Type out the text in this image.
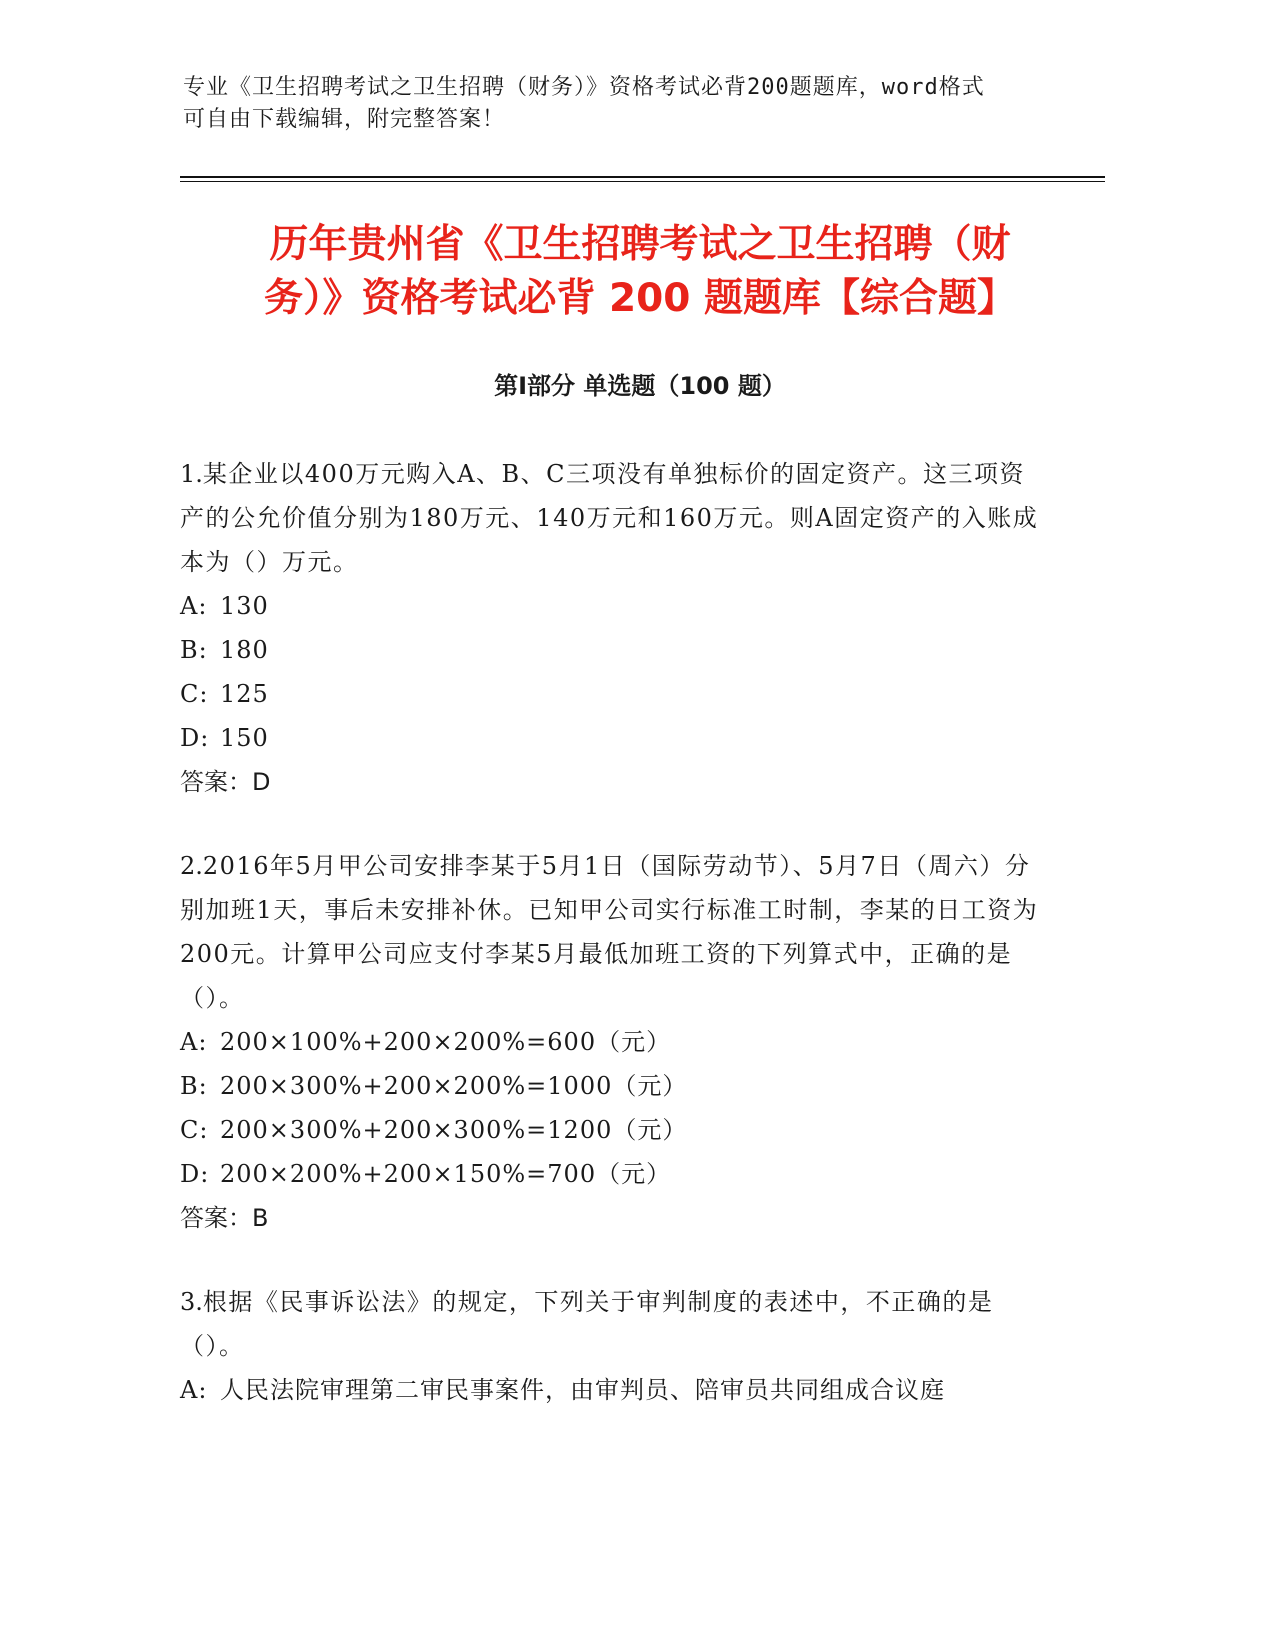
专业《卫生招聘考试之卫生招聘（财务）》资格考试必背200题题库，word格式
可自由下载编辑，附完整答案！
历年贵州省《卫生招聘考试之卫生招聘（财
务）》资格考试必背 200 题题库【综合题】
第Ⅰ部分 单选题（100 题）
1.某企业以400万元购入A、B、C三项没有单独标价的固定资产。这三项资产的公允价值分别为180万元、140万元和160万元。则A固定资产的入账成本为（）万元。
A: 130
B: 180
C: 125
D: 150
答案：D
2.2016年5月甲公司安排李某于5月1日（国际劳动节）、5月7日（周六）分别加班1天，事后未安排补休。已知甲公司实行标准工时制，李某的日工资为200元。计算甲公司应支付李某5月最低加班工资的下列算式中，正确的是（）。
A: 200×100%+200×200%=600（元）
B: 200×300%+200×200%=1000（元）
C: 200×300%+200×300%=1200（元）
D: 200×200%+200×150%=700（元）
答案：B
3.根据《民事诉讼法》的规定，下列关于审判制度的表述中，不正确的是（）。
A: 人民法院审理第二审民事案件，由审判员、陪审员共同组成合议庭
